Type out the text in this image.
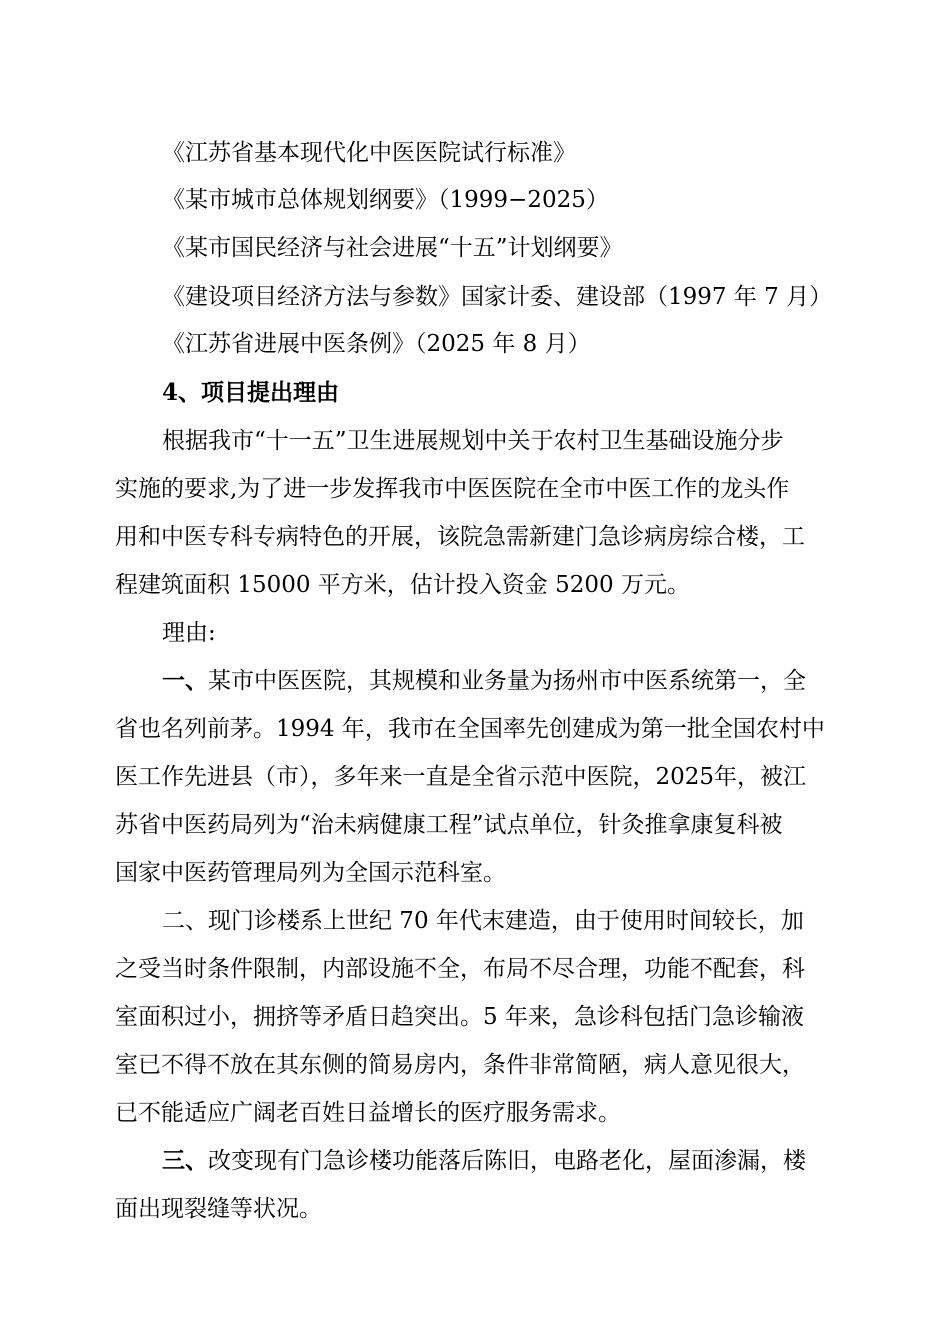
《江苏省基本现代化中医医院试行标准》
《某市城市总体规划纲要》（1999−2025）
《某市国民经济与社会进展“十五”计划纲要》
《建设项目经济方法与参数》国家计委、建设部（1997 年 7 月）
《江苏省进展中医条例》（2025 年 8 月）
4、项目提出理由
根据我市“十一五”卫生进展规划中关于农村卫生基础设施分步
实施的要求,为了进一步发挥我市中医医院在全市中医工作的龙头作
用和中医专科专病特色的开展，该院急需新建门急诊病房综合楼，工
程建筑面积 15000 平方米，估计投入资金 5200 万元。
理由:
一、某市中医医院，其规模和业务量为扬州市中医系统第一，全
省也名列前茅。1994 年，我市在全国率先创建成为第一批全国农村中
医工作先进县（市），多年来一直是全省示范中医院，2025年，被江
苏省中医药局列为“治未病健康工程”试点单位，针灸推拿康复科被
国家中医药管理局列为全国示范科室。
二、现门诊楼系上世纪 70 年代末建造，由于使用时间较长，加
之受当时条件限制，内部设施不全，布局不尽合理，功能不配套，科
室面积过小，拥挤等矛盾日趋突出。5 年来，急诊科包括门急诊输液
室已不得不放在其东侧的简易房内，条件非常简陋，病人意见很大，
已不能适应广阔老百姓日益增长的医疗服务需求。
三、改变现有门急诊楼功能落后陈旧，电路老化，屋面渗漏，楼
面出现裂缝等状况。
